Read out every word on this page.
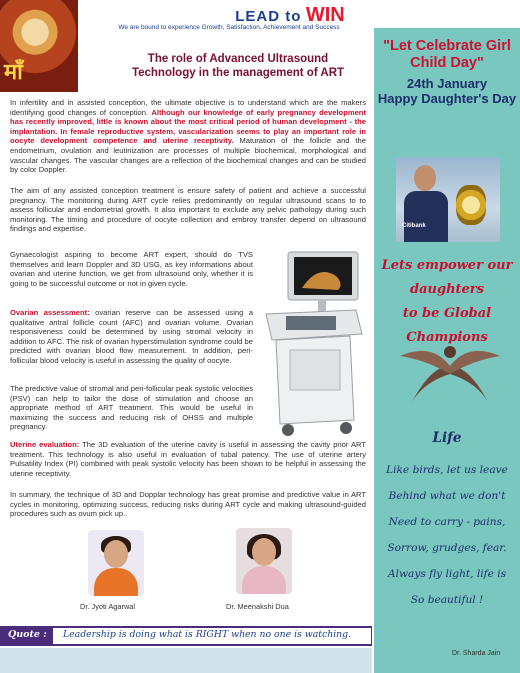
मॉं
LEAD to WIN
We are bound to experience Growth, Satisfaction, Achievement and Success
The role of Advanced Ultrasound Technology in the management of ART
In infertility and in assisted conception, the ultimate objective is to understand which are the makers identifying good changes of conception. Although our knowledge of early pregnancy development has recently improved, little is known about the most critical period of human development - the implantation. In female reproductive system, vascularization seems to play an important role in oocyte development competence and uterine receptivity. Maturation of the follicle and the endometrium, ovulation and leutinization are processes of multiple biochemical, morphological and vascular changes. The vascular changes are a reflection of the biochemical changes and can be studied by color Doppler.
The aim of any assisted conception treatment is ensure safety of patient and achieve a successful pregnancy. The monitoring during ART cycle relies predominantly on regular ultrasound scans to to assess follicular and endometrial growth. It also important to exclude any pelvic pathology during such monitoring. The timing and procedure of oocyte collection and embroy transfer depend on ultrasound findings and expertise.
Gynaecologist aspiring to become ART expert, should do TVS themselves and learn Doppler and 3D USG, as key informations about ovarian and uterine function, we get from ultrasound only, whether it is going to be successful outcome or not in given cycle.
Ovarian assessment: ovarian reserve can be assessed using a qualitative antral follicle count (AFC) and ovarian volume. Ovarian responsiveness could be determined by using stromal velocity in addition to AFC. The risk of ovarian hyperstimulation syndrome could be predicted with ovarian blood flow measurement. In addition, peri-follicular blood velocity is useful in assessing the quality of oocyte.
The predictive value of stromal and peri-follicular peak systolic velocities (PSV) can help to tailor the dose of stimulation and choose an appropriate method of ART treatment. This would be useful in maximizing the success and reducing risk of OHSS and multiple pregnancy.
Uterine evaluation: The 3D evaluation of the uterine cavity is useful in assessing the cavity prior ART treatment. This technology is also useful in evaluation of tubal patency. The use of uterine artery Pulsatility Index (PI) combined with peak systolic velocity has been shown to be helpful in assessing the uterine receptivity.
In summary, the technique of 3D and Dopplar technology has great promise and predictive value in ART cycles in monitoring, optimizing success, reducing risks during ART cycle and making ultrasound-guided procedures such as ovum pick up..
Dr. Jyoti Agarwal	Dr. Meenakshi Dua
Quote : Leadership is doing what is RIGHT when no one is watching.
"Let Celebrate Girl Child Day"
24th January
Happy Daughter's Day
Citibank
Lets empower our daughters
to be Global Champions
Life
Like birds, let us leave
Behind what we don't
Need to carry - pains,
Sorrow, grudges, fear.
Always fly light, life is
So beautiful !
Dr. Sharda Jain
